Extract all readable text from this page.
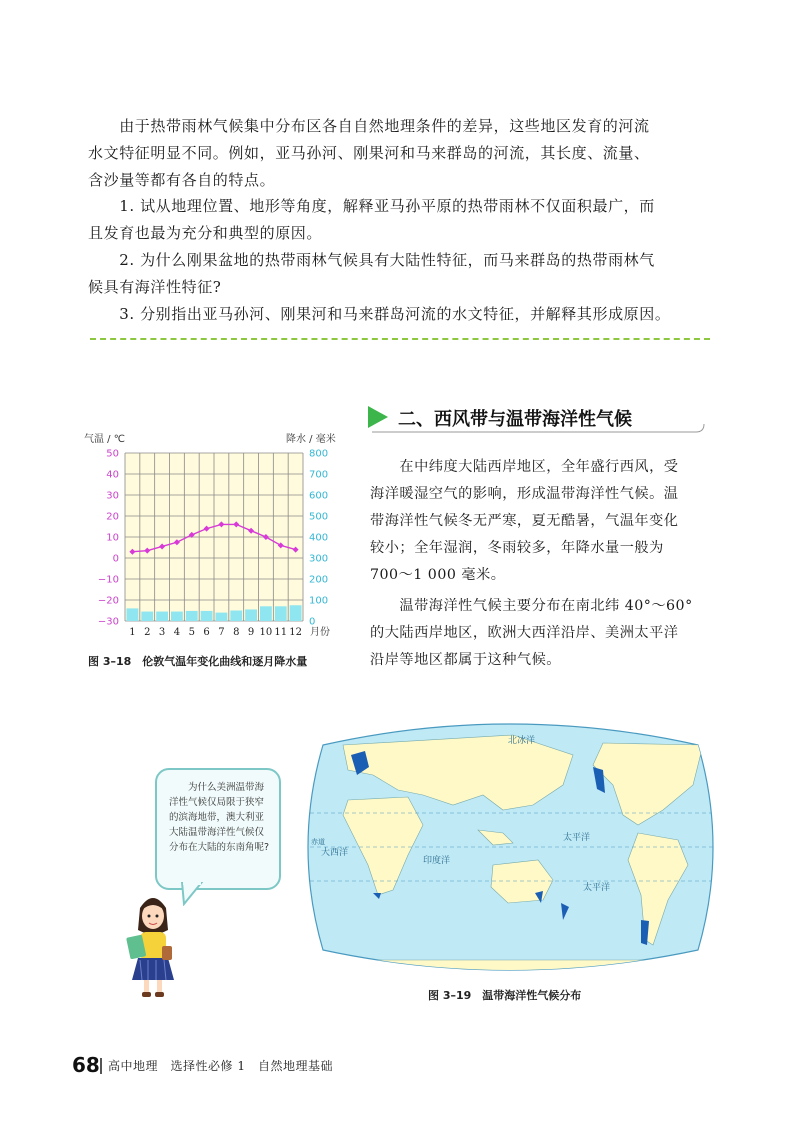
　　由于热带雨林气候集中分布区各自自然地理条件的差异，这些地区发育的河流

水文特征明显不同。例如，亚马孙河、刚果河和马来群岛的河流，其长度、流量、

含沙量等都有各自的特点。

　　1. 试从地理位置、地形等角度，解释亚马孙平原的热带雨林不仅面积最广，而

且发育也最为充分和典型的原因。

　　2. 为什么刚果盆地的热带雨林气候具有大陆性特征，而马来群岛的热带雨林气

候具有海洋性特征?

　　3. 分别指出亚马孙河、刚果河和马来群岛河流的水文特征，并解释其形成原因。

二、西风带与温带海洋性气候

　　在中纬度大陆西岸地区，全年盛行西风，受

海洋暖湿空气的影响，形成温带海洋性气候。温

带海洋性气候冬无严寒，夏无酷暑，气温年变化

较小；全年湿润，冬雨较多，年降水量一般为

700～1 000 毫米。

　　温带海洋性气候主要分布在南北纬 40°～60°

的大陆西岸地区，欧洲大西洋沿岸、美洲太平洋

沿岸等地区都属于这种气候。

50
40
30
20
10
0
−10
−20
−30
800
700
600
500
400
300
200
100
0
1 2 3 4 5 6 7 8 9 10 11 12
气温 / ℃	降水 / 毫米
月份
图 3–18　伦敦气温年变化曲线和逐月降水量

　　为什么美洲温带海洋性气候仅局限于狭窄的滨海地带，澳大利亚大陆温带海洋性气候仅分布在大陆的东南角呢?

北冰洋
大西洋
太平洋
印度洋
太平洋
赤道
图 3–19　温带海洋性气候分布
68 高中地理　选择性必修 1　自然地理基础
